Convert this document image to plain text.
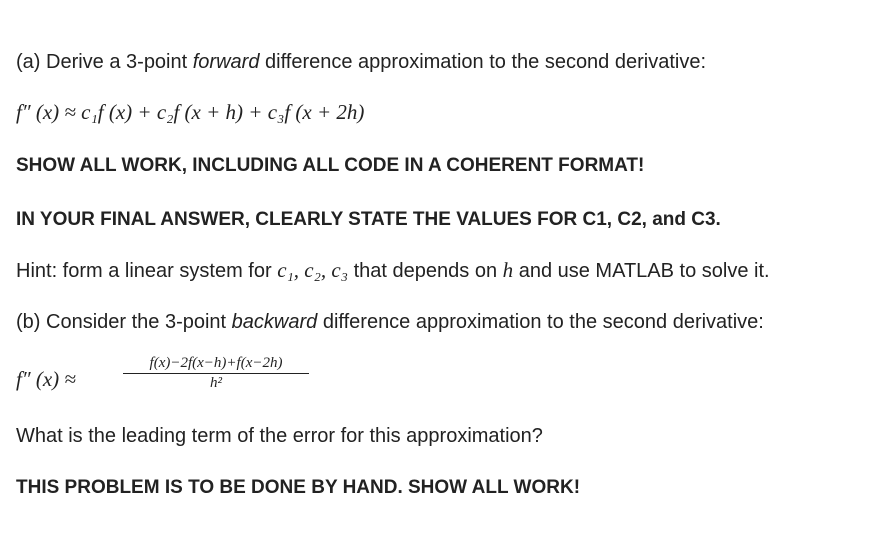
(a) Derive a 3-point forward difference approximation to the second derivative:
f″ (x) ≈ c₁f (x) + c₂f (x + h) + c₃f (x + 2h)
SHOW ALL WORK, INCLUDING ALL CODE IN A COHERENT FORMAT!
IN YOUR FINAL ANSWER, CLEARLY STATE THE VALUES FOR C1, C2, and C3.
Hint: form a linear system for c₁, c₂, c₃ that depends on h and use MATLAB to solve it.
(b) Consider the 3-point backward difference approximation to the second derivative:
f″ (x) ≈
f(x)−2f(x−h)+f(x−2h)
h²
What is the leading term of the error for this approximation?
THIS PROBLEM IS TO BE DONE BY HAND. SHOW ALL WORK!
